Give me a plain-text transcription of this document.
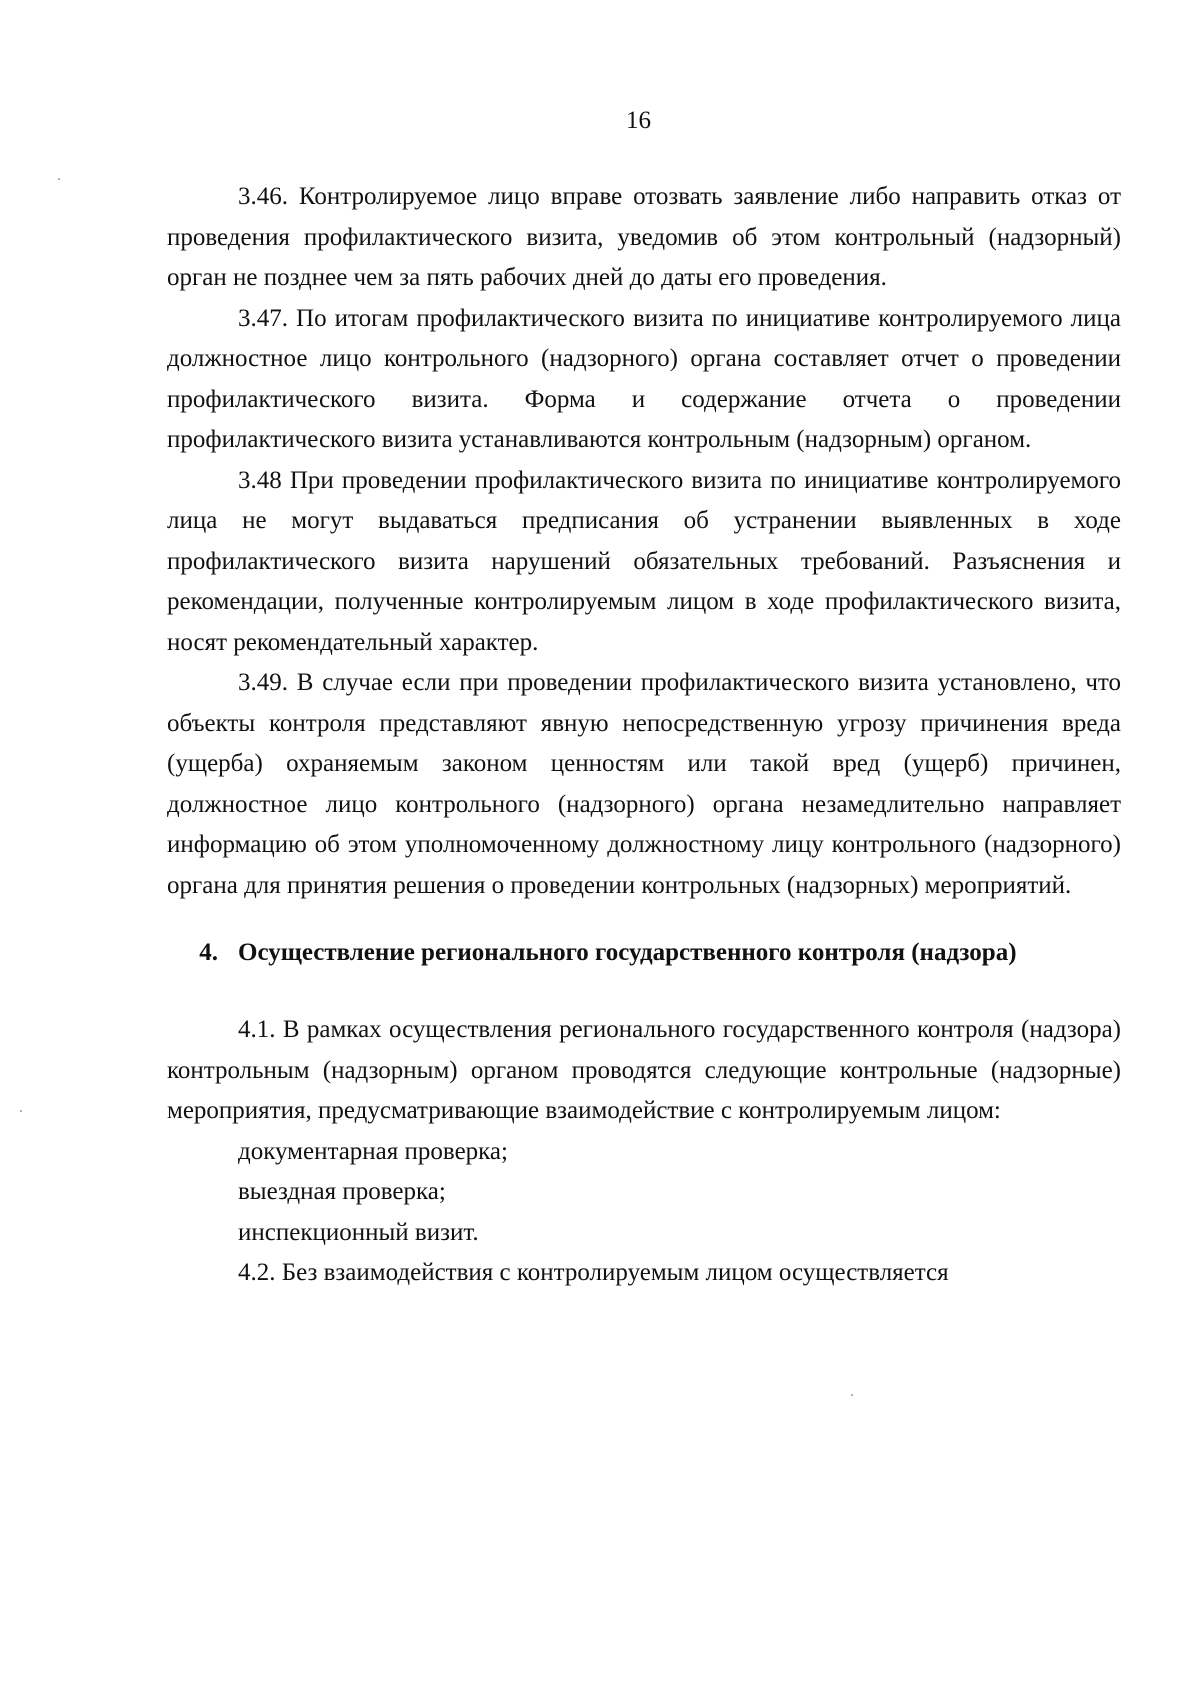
16

3.46. Контролируемое лицо вправе отозвать заявление либо направить отказ от проведения профилактического визита, уведомив об этом контрольный (надзорный) орган не позднее чем за пять рабочих дней до даты его проведения.

3.47. По итогам профилактического визита по инициативе контролируемого лица должностное лицо контрольного (надзорного) органа составляет отчет о проведении профилактического визита. Форма и содержание отчета о проведении профилактического визита устанавливаются контрольным (надзорным) органом.

3.48 При проведении профилактического визита по инициативе контролируемого лица не могут выдаваться предписания об устранении выявленных в ходе профилактического визита нарушений обязательных требований. Разъяснения и рекомендации, полученные контролируемым лицом в ходе профилактического визита, носят рекомендательный характер.

3.49. В случае если при проведении профилактического визита установлено, что объекты контроля представляют явную непосредственную угрозу причинения вреда (ущерба) охраняемым законом ценностям или такой вред (ущерб) причинен, должностное лицо контрольного (надзорного) органа незамедлительно направляет информацию об этом уполномоченному должностному лицу контрольного (надзорного) органа для принятия решения о проведении контрольных (надзорных) мероприятий.

4. Осуществление регионального государственного контроля (надзора)

4.1. В рамках осуществления регионального государственного контроля (надзора) контрольным (надзорным) органом проводятся следующие контрольные (надзорные) мероприятия, предусматривающие взаимодействие с контролируемым лицом:

документарная проверка;

выездная проверка;

инспекционный визит.

4.2. Без взаимодействия с контролируемым лицом осуществляется
